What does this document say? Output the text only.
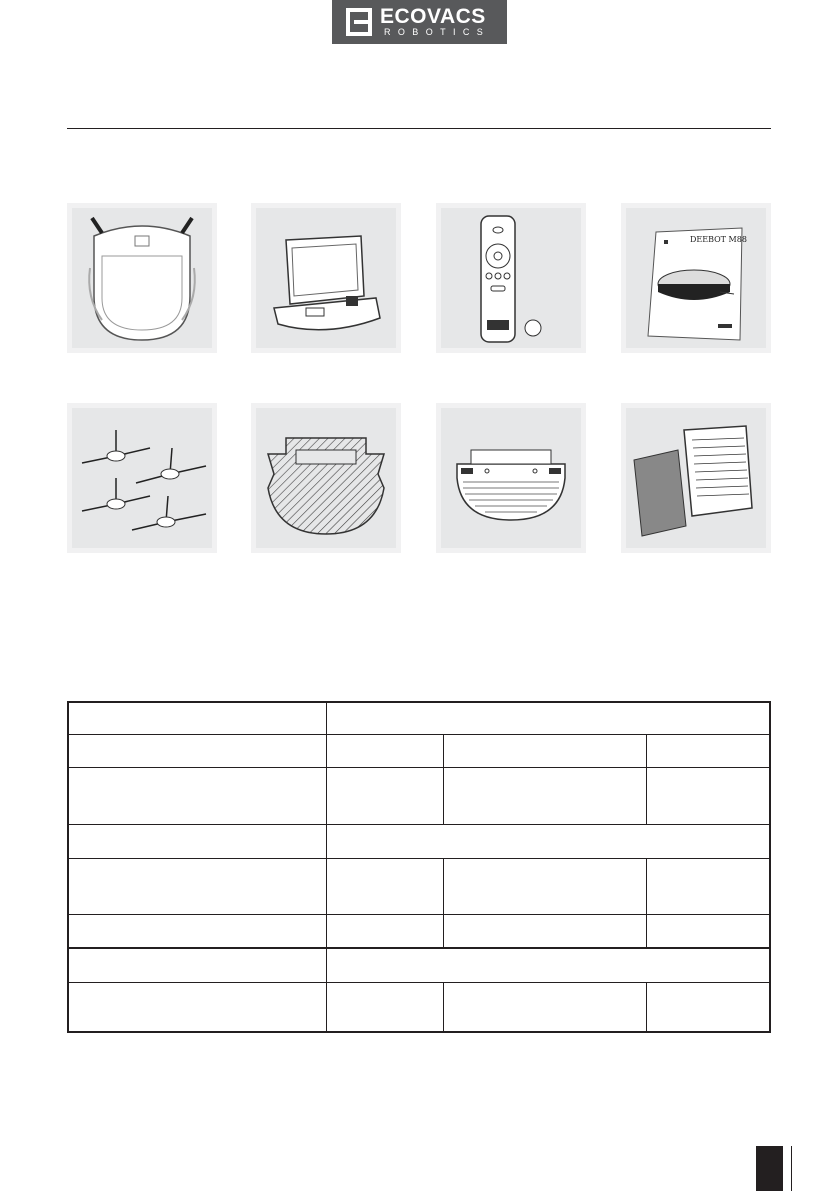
ECOVACS
ROBOTICS
DEEBOT M88
